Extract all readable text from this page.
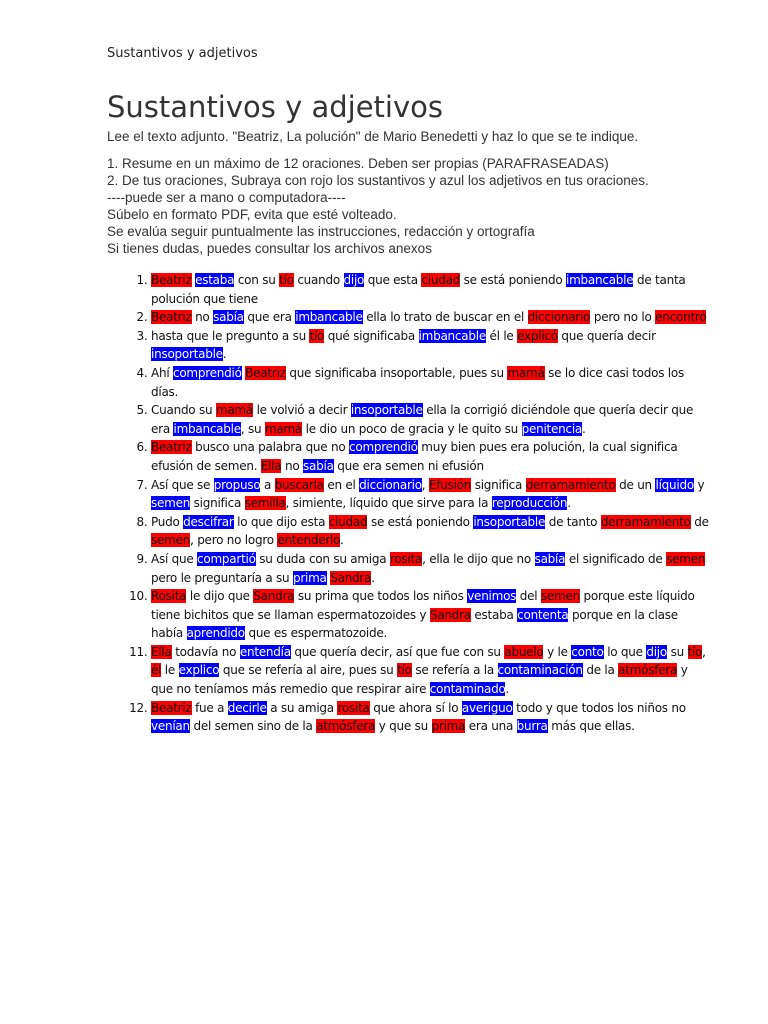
Sustantivos y adjetivos
Sustantivos y adjetivos
Lee el texto adjunto. "Beatriz, La polución" de Mario Benedetti y haz lo que se te indique.
1. Resume en un máximo de 12 oraciones. Deben ser propias (PARAFRASEADAS)
2. De tus oraciones, Subraya con rojo los sustantivos y azul los adjetivos en tus oraciones.
----puede ser a mano o computadora----
Súbelo en formato PDF, evita que esté volteado.
Se evalúa seguir puntualmente las instrucciones, redacción y ortografía
Si tienes dudas, puedes consultar los archivos anexos
1. Beatriz estaba con su tío cuando dijo que esta ciudad se está poniendo imbancable de tanta polución que tiene
2. Beatriz no sabía que era imbancable ella lo trato de buscar en el diccionario pero no lo encontró
3. hasta que le pregunto a su tío qué significaba imbancable él le explicó que quería decir insoportable.
4. Ahí comprendió Beatriz que significaba insoportable, pues su mamá se lo dice casi todos los días.
5. Cuando su mamá le volvió a decir insoportable ella la corrigió diciéndole que quería decir que era imbancable, su mamá le dio un poco de gracia y le quito su penitencia.
6. Beatriz busco una palabra que no comprendió muy bien pues era polución, la cual significa efusión de semen. Ella no sabía que era semen ni efusión
7. Así que se propuso a buscarla en el diccionario, Efusión significa derramamiento de un líquido y semen significa semilla, simiente, líquido que sirve para la reproducción.
8. Pudo descifrar lo que dijo esta ciudad se está poniendo insoportable de tanto derramamiento de semen, pero no logro entenderlo.
9. Así que compartió su duda con su amiga rosita, ella le dijo que no sabía el significado de semen pero le preguntaría a su prima Sandra.
10. Rosita le dijo que Sandra su prima que todos los niños venimos del semen porque este líquido tiene bichitos que se llaman espermatozoides y Sandra estaba contenta porque en la clase había aprendido que es espermatozoide.
11. Ella todavía no entendía que quería decir, así que fue con su abuelo y le conto lo que dijo su tío, él le explico que se refería al aire, pues su tío se refería a la contaminación de la atmósfera y que no teníamos más remedio que respirar aire contaminado.
12. Beatriz fue a decirle a su amiga rosita que ahora sí lo averiguo todo y que todos los niños no venían del semen sino de la atmósfera y que su prima era una burra más que ellas.
